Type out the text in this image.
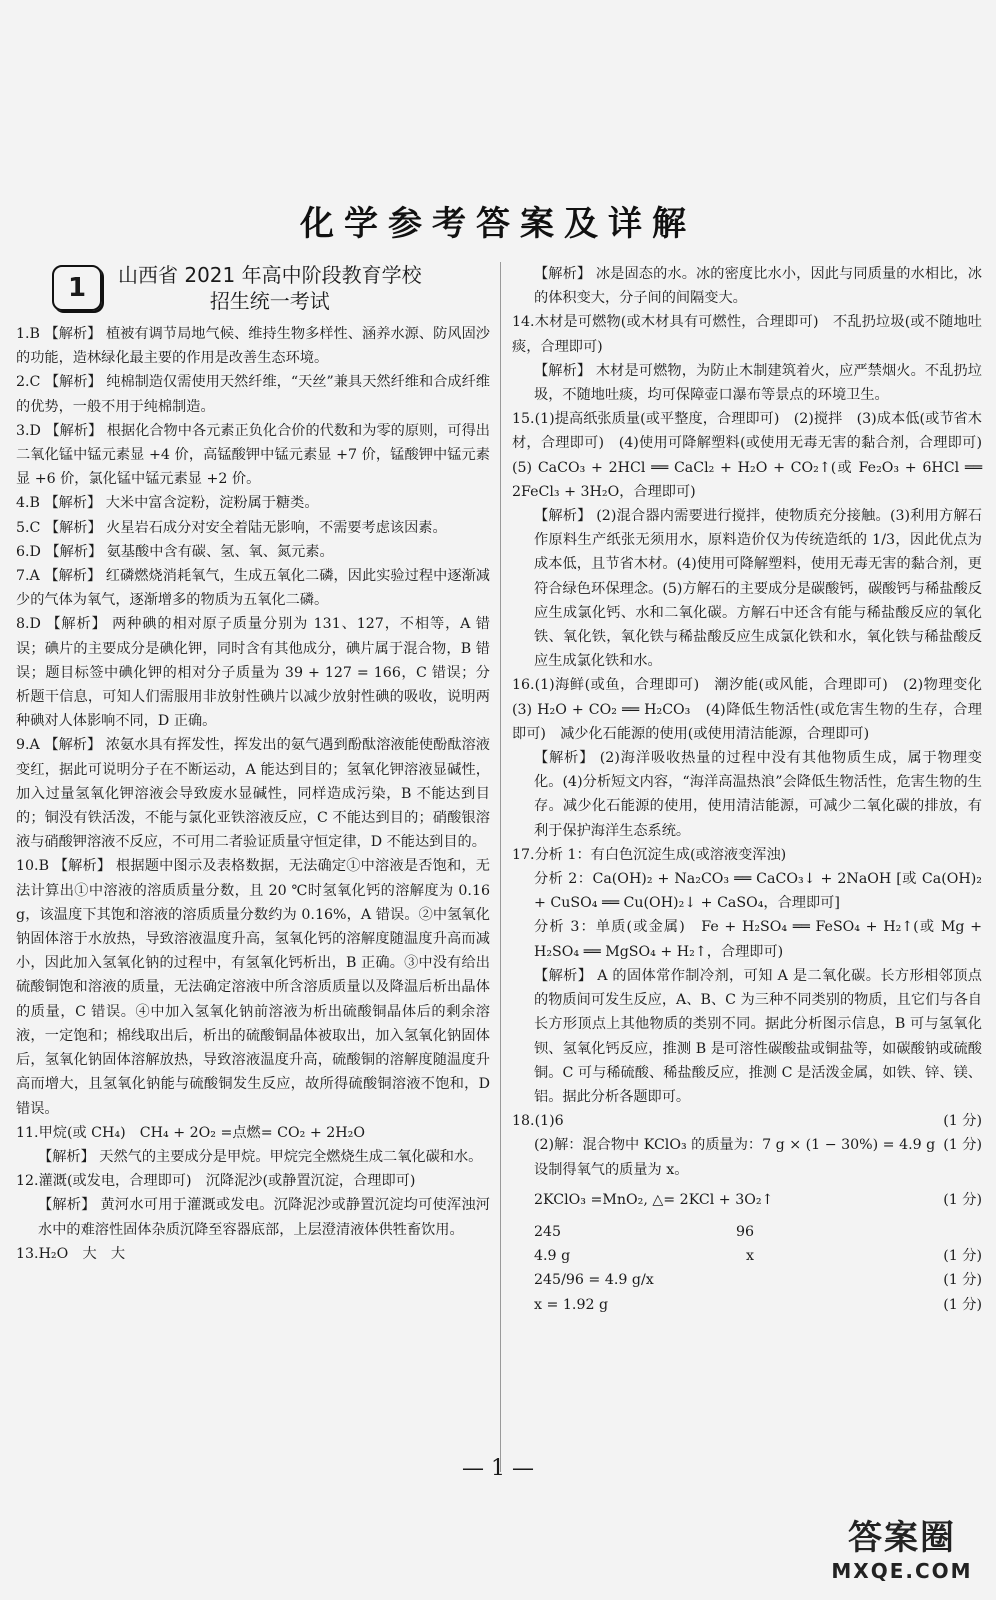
化学参考答案及详解
1	山西省 2021 年高中阶段教育学校
招生统一考试

1.B 【解析】 植被有调节局地气候、维持生物多样性、涵养水源、防风固沙的功能，造林绿化最主要的作用是改善生态环境。

2.C 【解析】 纯棉制造仅需使用天然纤维，“天丝”兼具天然纤维和合成纤维的优势，一般不用于纯棉制造。

3.D 【解析】 根据化合物中各元素正负化合价的代数和为零的原则，可得出二氧化锰中锰元素显 +4 价，高锰酸钾中锰元素显 +7 价，锰酸钾中锰元素显 +6 价，氯化锰中锰元素显 +2 价。

4.B 【解析】 大米中富含淀粉，淀粉属于糖类。

5.C 【解析】 火星岩石成分对安全着陆无影响，不需要考虑该因素。

6.D 【解析】 氨基酸中含有碳、氢、氧、氮元素。

7.A 【解析】 红磷燃烧消耗氧气，生成五氧化二磷，因此实验过程中逐渐减少的气体为氧气，逐渐增多的物质为五氧化二磷。

8.D 【解析】 两种碘的相对原子质量分别为 131、127，不相等，A 错误；碘片的主要成分是碘化钾，同时含有其他成分，碘片属于混合物，B 错误；题目标签中碘化钾的相对分子质量为 39 + 127 = 166，C 错误；分析题干信息，可知人们需服用非放射性碘片以减少放射性碘的吸收，说明两种碘对人体影响不同，D 正确。

9.A 【解析】 浓氨水具有挥发性，挥发出的氨气遇到酚酞溶液能使酚酞溶液变红，据此可说明分子在不断运动，A 能达到目的；氢氧化钾溶液显碱性，加入过量氢氧化钾溶液会导致废水显碱性，同样造成污染，B 不能达到目的；铜没有铁活泼，不能与氯化亚铁溶液反应，C 不能达到目的；硝酸银溶液与硝酸钾溶液不反应，不可用二者验证质量守恒定律，D 不能达到目的。

10.B 【解析】 根据题中图示及表格数据，无法确定①中溶液是否饱和，无法计算出①中溶液的溶质质量分数，且 20 ℃时氢氧化钙的溶解度为 0.16 g，该温度下其饱和溶液的溶质质量分数约为 0.16%，A 错误。②中氢氧化钠固体溶于水放热，导致溶液温度升高，氢氧化钙的溶解度随温度升高而减小，因此加入氢氧化钠的过程中，有氢氧化钙析出，B 正确。③中没有给出硫酸铜饱和溶液的质量，无法确定溶液中所含溶质质量以及降温后析出晶体的质量，C 错误。④中加入氢氧化钠前溶液为析出硫酸铜晶体后的剩余溶液，一定饱和；棉线取出后，析出的硫酸铜晶体被取出，加入氢氧化钠固体后，氢氧化钠固体溶解放热，导致溶液温度升高，硫酸铜的溶解度随温度升高而增大，且氢氧化钠能与硫酸铜发生反应，故所得硫酸铜溶液不饱和，D 错误。

11.甲烷(或 CH₄)　CH₄ + 2O₂ =点燃= CO₂ + 2H₂O

【解析】 天然气的主要成分是甲烷。甲烷完全燃烧生成二氧化碳和水。

12.灌溉(或发电，合理即可)　沉降泥沙(或静置沉淀，合理即可)

【解析】 黄河水可用于灌溉或发电。沉降泥沙或静置沉淀均可使浑浊河水中的难溶性固体杂质沉降至容器底部，上层澄清液体供牲畜饮用。

13.H₂O　大　大

【解析】 冰是固态的水。冰的密度比水小，因此与同质量的水相比，冰的体积变大，分子间的间隔变大。

14.木材是可燃物(或木材具有可燃性，合理即可)　不乱扔垃圾(或不随地吐痰，合理即可)

【解析】 木材是可燃物，为防止木制建筑着火，应严禁烟火。不乱扔垃圾，不随地吐痰，均可保障壶口瀑布等景点的环境卫生。

15.(1)提高纸张质量(或平整度，合理即可)　(2)搅拌　(3)成本低(或节省木材，合理即可)　(4)使用可降解塑料(或使用无毒无害的黏合剂，合理即可)　(5) CaCO₃ + 2HCl ══ CaCl₂ + H₂O + CO₂↑(或 Fe₂O₃ + 6HCl ══ 2FeCl₃ + 3H₂O，合理即可)

【解析】 (2)混合器内需要进行搅拌，使物质充分接触。(3)利用方解石作原料生产纸张无须用水，原料造价仅为传统造纸的 1/3，因此优点为成本低，且节省木材。(4)使用可降解塑料，使用无毒无害的黏合剂，更符合绿色环保理念。(5)方解石的主要成分是碳酸钙，碳酸钙与稀盐酸反应生成氯化钙、水和二氧化碳。方解石中还含有能与稀盐酸反应的氧化铁、氧化铁，氧化铁与稀盐酸反应生成氯化铁和水，氧化铁与稀盐酸反应生成氯化铁和水。

16.(1)海鲜(或鱼，合理即可)　潮汐能(或风能，合理即可)　(2)物理变化　(3) H₂O + CO₂ ══ H₂CO₃　(4)降低生物活性(或危害生物的生存，合理即可)　减少化石能源的使用(或使用清洁能源，合理即可)

【解析】 (2)海洋吸收热量的过程中没有其他物质生成，属于物理变化。(4)分析短文内容，“海洋高温热浪”会降低生物活性，危害生物的生存。减少化石能源的使用，使用清洁能源，可减少二氧化碳的排放，有利于保护海洋生态系统。

17.分析 1：有白色沉淀生成(或溶液变浑浊)

分析 2：Ca(OH)₂ + Na₂CO₃ ══ CaCO₃↓ + 2NaOH [或 Ca(OH)₂ + CuSO₄ ══ Cu(OH)₂↓ + CaSO₄，合理即可]

分析 3：单质(或金属)　Fe + H₂SO₄ ══ FeSO₄ + H₂↑(或 Mg + H₂SO₄ ══ MgSO₄ + H₂↑，合理即可)

【解析】 A 的固体常作制冷剂，可知 A 是二氧化碳。长方形相邻顶点的物质间可发生反应，A、B、C 为三种不同类别的物质，且它们与各自长方形顶点上其他物质的类别不同。据此分析图示信息，B 可与氢氧化钡、氢氧化钙反应，推测 B 是可溶性碳酸盐或铜盐等，如碳酸钠或硫酸铜。C 可与稀硫酸、稀盐酸反应，推测 C 是活泼金属，如铁、锌、镁、铝。据此分析各题即可。

18.(1)6	(1 分)
(2)解：混合物中 KClO₃ 的质量为：7 g × (1 − 30%) = 4.9 g (1 分)
设制得氧气的质量为 x。
2KClO₃ =MnO₂, △= 2KCl + 3O₂↑	(1 分)
245	96
4.9 g	x	(1 分)
245/96 = 4.9 g/x	(1 分)
x = 1.92 g	(1 分)
— 1 —
答案圈
MXQE.COM
